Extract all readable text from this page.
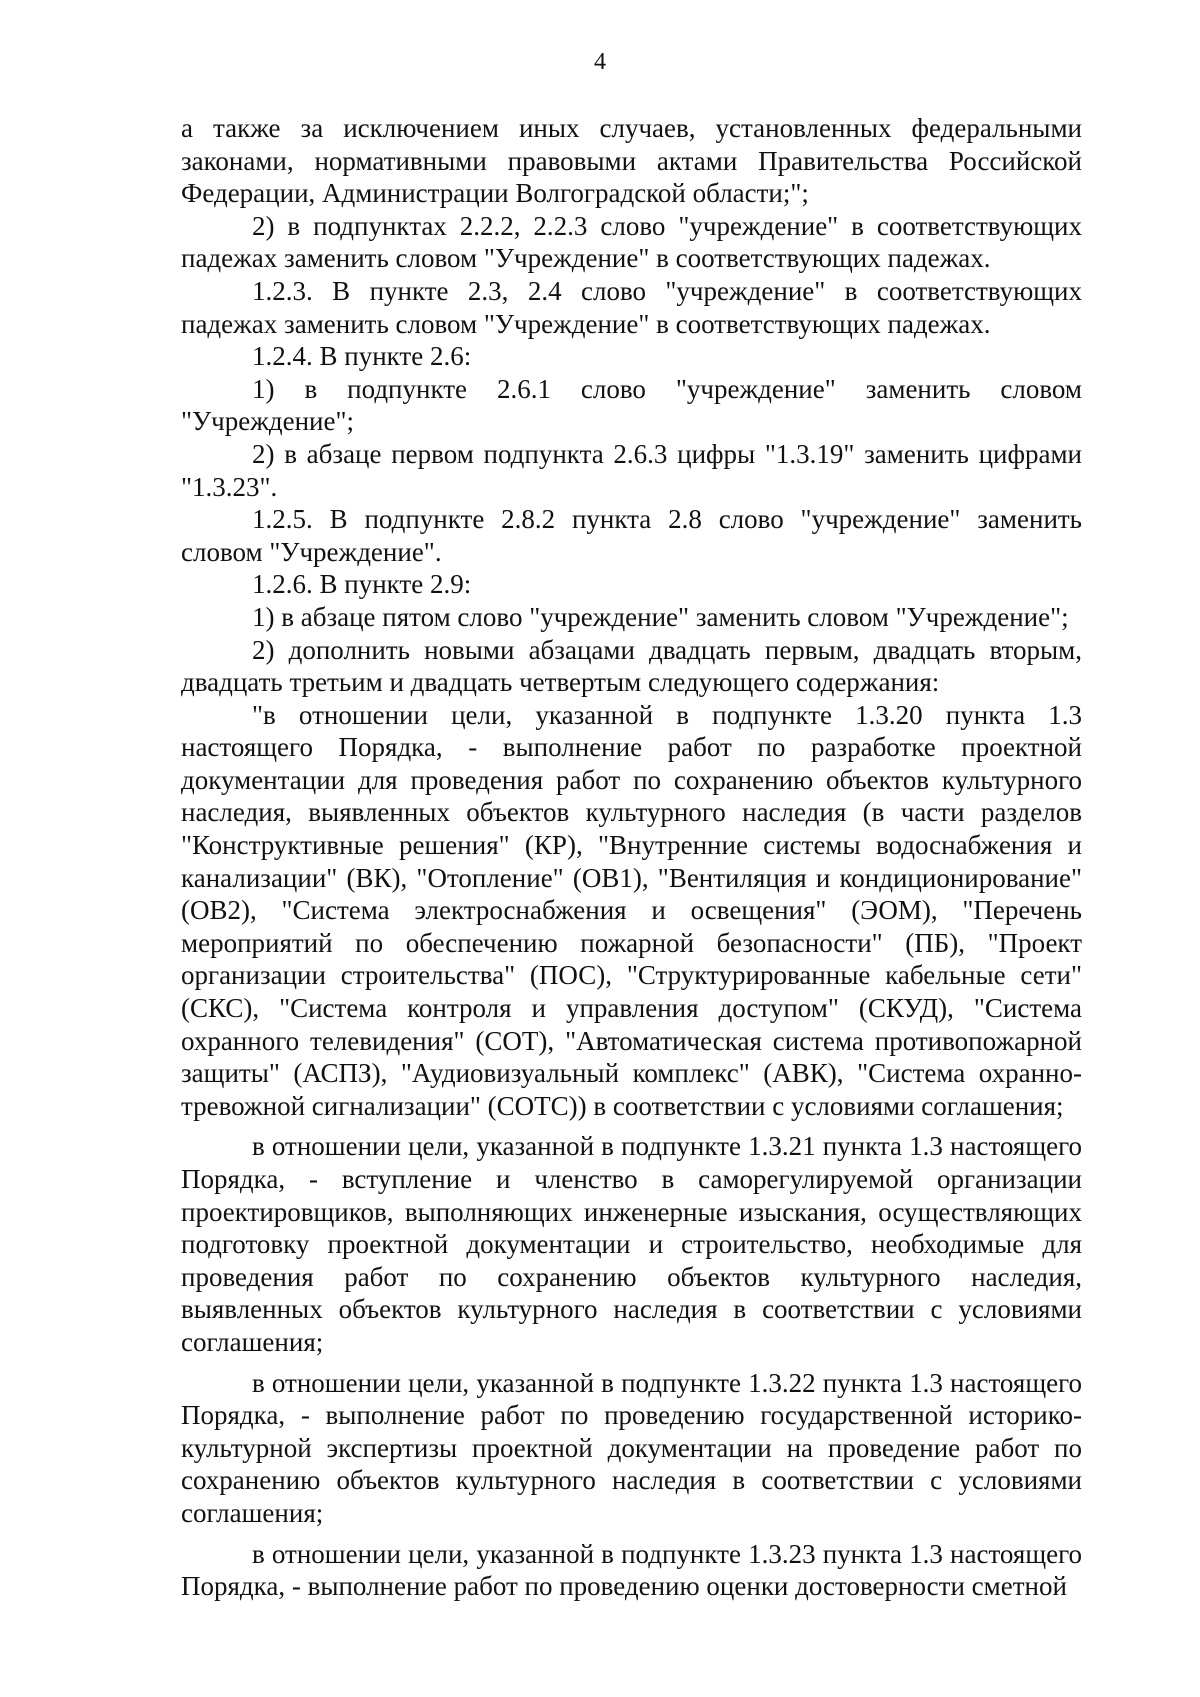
4

а также за исключением иных случаев, установленных федеральными законами, нормативными правовыми актами Правительства Российской Федерации, Администрации Волгоградской области;";

2) в подпунктах 2.2.2, 2.2.3 слово "учреждение" в соответствующих падежах заменить словом "Учреждение" в соответствующих падежах.

1.2.3. В пункте 2.3, 2.4 слово "учреждение" в соответствующих падежах заменить словом "Учреждение" в соответствующих падежах.

1.2.4. В пункте 2.6:

1) в подпункте 2.6.1 слово "учреждение" заменить словом "Учреждение";

2) в абзаце первом подпункта 2.6.3 цифры "1.3.19" заменить цифрами "1.3.23".

1.2.5. В подпункте 2.8.2 пункта 2.8 слово "учреждение" заменить словом "Учреждение".

1.2.6. В пункте 2.9:

1) в абзаце пятом слово "учреждение" заменить словом "Учреждение";

2) дополнить новыми абзацами двадцать первым, двадцать вторым, двадцать третьим и двадцать четвертым следующего содержания:

"в отношении цели, указанной в подпункте 1.3.20 пункта 1.3 настоящего Порядка, - выполнение работ по разработке проектной документации для проведения работ по сохранению объектов культурного наследия, выявленных объектов культурного наследия (в части разделов "Конструктивные решения" (КР), "Внутренние системы водоснабжения и канализации" (ВК), "Отопление" (ОВ1), "Вентиляция и кондиционирование" (ОВ2), "Система электроснабжения и освещения" (ЭОМ), "Перечень мероприятий по обеспечению пожарной безопасности" (ПБ), "Проект организации строительства" (ПОС), "Структурированные кабельные сети" (СКС), "Система контроля и управления доступом" (СКУД), "Система охранного телевидения" (СОТ), "Автоматическая система противопожарной защиты" (АСПЗ), "Аудиовизуальный комплекс" (АВК), "Система охранно-тревожной сигнализации" (СОТС)) в соответствии с условиями соглашения;

в отношении цели, указанной в подпункте 1.3.21 пункта 1.3 настоящего Порядка, - вступление и членство в саморегулируемой организации проектировщиков, выполняющих инженерные изыскания, осуществляющих подготовку проектной документации и строительство, необходимые для проведения работ по сохранению объектов культурного наследия, выявленных объектов культурного наследия в соответствии с условиями соглашения;

в отношении цели, указанной в подпункте 1.3.22 пункта 1.3 настоящего Порядка, - выполнение работ по проведению государственной историко-культурной экспертизы проектной документации на проведение работ по сохранению объектов культурного наследия в соответствии с условиями соглашения;

в отношении цели, указанной в подпункте 1.3.23 пункта 1.3 настоящего Порядка, - выполнение работ по проведению оценки достоверности сметной
